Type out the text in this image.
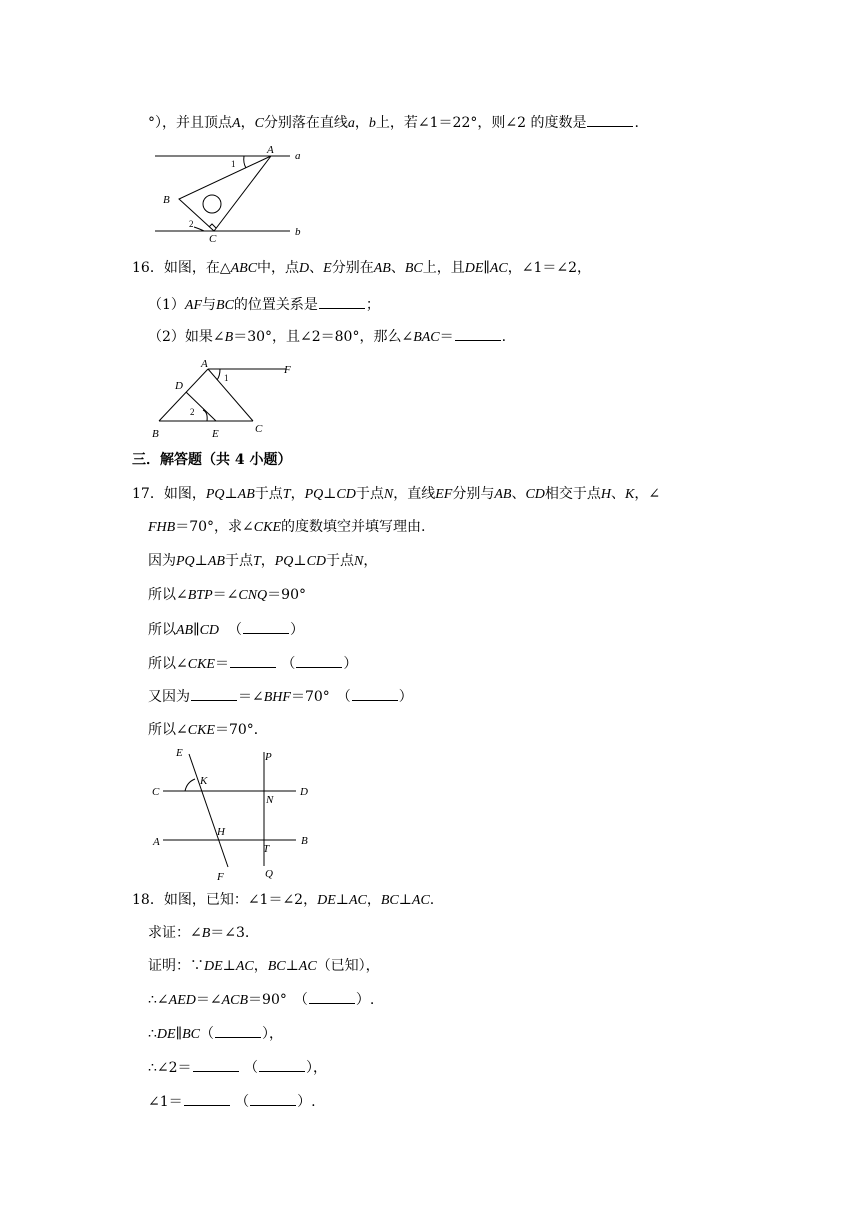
°），并且顶点A，C分别落在直线a，b上，若∠1＝22°，则∠2 的度数是	.
A a
B
C
b
1
2
16．如图，在△ABC中，点D、E分别在AB、BC上，且DE∥AC，∠1＝∠2，
（1）AF与BC的位置关系是	；
（2）如果∠B＝30°，且∠2＝80°，那么∠BAC＝	.
A	F
D
1
2
B	E	C
三．解答题（共 4 小题）
17．如图，PQ⊥AB于点T，PQ⊥CD于点N，直线EF分别与AB、CD相交于点H、K，∠
FHB＝70°，求∠CKE的度数填空并填写理由.
因为PQ⊥AB于点T，PQ⊥CD于点N，
所以∠BTP＝∠CNQ＝90°
所以AB∥CD （	）
所以∠CKE＝	（	）
又因为	＝∠BHF＝70°　（	）
所以∠CKE＝70°．
E	P
C
K
N
D
H
A	B
T
F	Q
18．如图，已知：∠1＝∠2，DE⊥AC，BC⊥AC.
求证：∠B＝∠3.
证明：∵DE⊥AC，BC⊥AC（已知），
∴∠AED＝∠ACB＝90°　（	）.
∴DE∥BC（	），
∴∠2＝	（	），
∠1＝	（	）.
